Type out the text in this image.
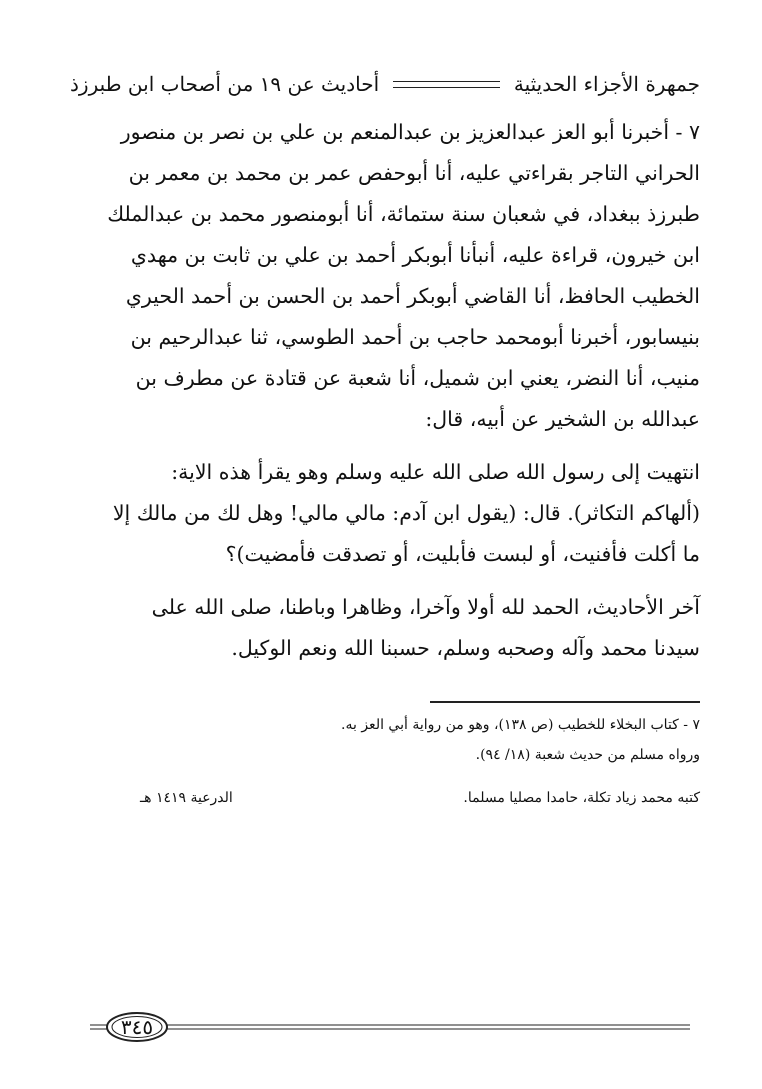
جمهرة الأجزاء الحديثية
أحاديث عن ١٩ من أصحاب ابن طبرزذ

٧ - أخبرنا أبو العز عبدالعزيز بن عبدالمنعم بن علي بن نصر بن منصور

الحراني التاجر بقراءتي عليه، أنا أبوحفص عمر بن محمد بن معمر بن

طبرزذ ببغداد، في شعبان سنة ستمائة، أنا أبومنصور محمد بن عبدالملك

ابن خيرون، قراءة عليه، أنبأنا أبوبكر أحمد بن علي بن ثابت بن مهدي

الخطيب الحافظ، أنا القاضي أبوبكر أحمد بن الحسن بن أحمد الحيري

بنيسابور، أخبرنا أبومحمد حاجب بن أحمد الطوسي، ثنا عبدالرحيم بن

منيب، أنا النضر، يعني ابن شميل، أنا شعبة عن قتادة عن مطرف بن

عبدالله بن الشخير عن أبيه، قال:

انتهيت إلى رسول الله صلى الله عليه وسلم وهو يقرأ هذه الاية:

(ألهاكم التكاثر). قال: (يقول ابن آدم: مالي مالي! وهل لك من مالك إلا

ما أكلت فأفنيت، أو لبست فأبليت، أو تصدقت فأمضيت)؟

آخر الأحاديث، الحمد لله أولا وآخرا، وظاهرا وباطنا، صلى الله على

سيدنا محمد وآله وصحبه وسلم، حسبنا الله ونعم الوكيل.

٧ - كتاب البخلاء للخطيب (ص ١٣٨)، وهو من رواية أبي العز به.

ورواه مسلم من حديث شعبة (١٨/ ٩٤).

كتبه محمد زياد تكلة، حامدا مصليا مسلما.
الدرعية ١٤١٩ هـ
٣٤٥
